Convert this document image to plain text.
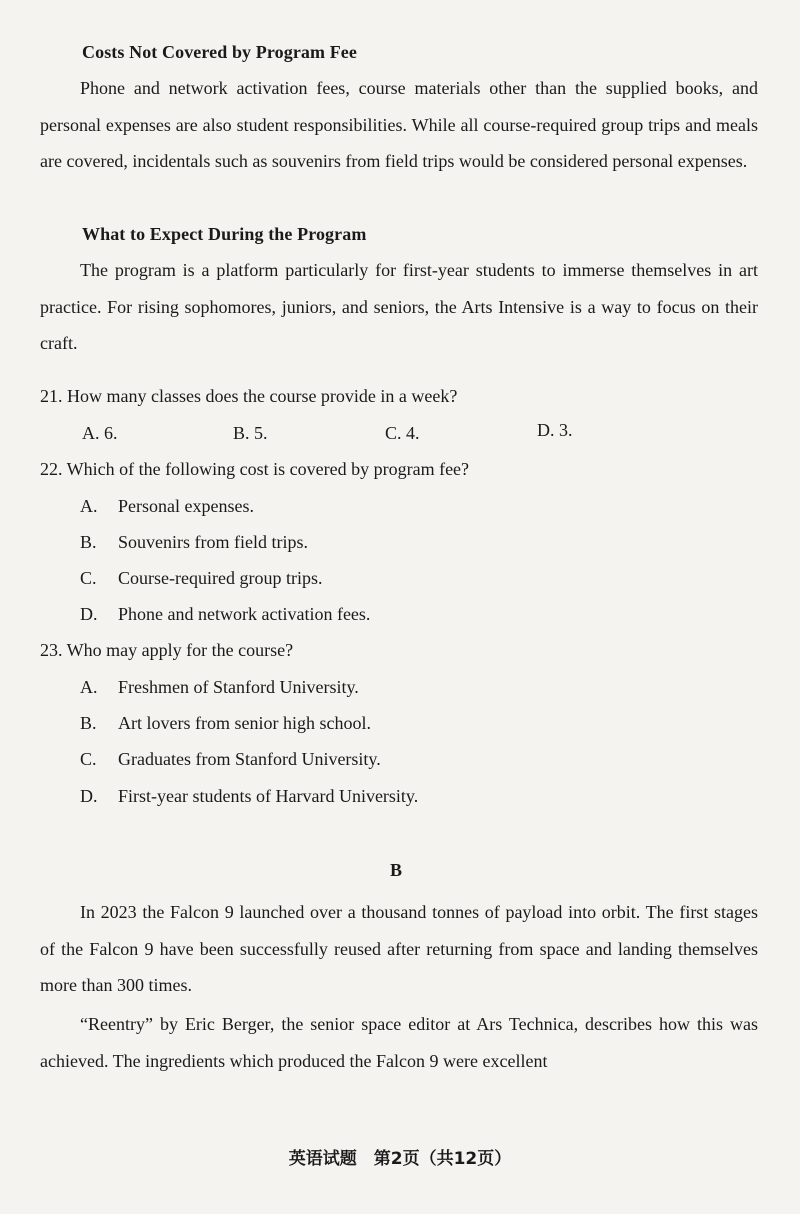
Costs Not Covered by Program Fee
Phone and network activation fees, course materials other than the supplied books, and personal expenses are also student responsibilities. While all course-required group trips and meals are covered, incidentals such as souvenirs from field trips would be considered personal expenses.
What to Expect During the Program
The program is a platform particularly for first-year students to immerse themselves in art practice. For rising sophomores, juniors, and seniors, the Arts Intensive is a way to focus on their craft.
21. How many classes does the course provide in a week?
A. 6.	B. 5.	C. 4.	D. 3.
22. Which of the following cost is covered by program fee?
A. Personal expenses.
B. Souvenirs from field trips.
C. Course-required group trips.
D. Phone and network activation fees.
23. Who may apply for the course?
A. Freshmen of Stanford University.
B. Art lovers from senior high school.
C. Graduates from Stanford University.
D. First-year students of Harvard University.
B
In 2023 the Falcon 9 launched over a thousand tonnes of payload into orbit. The first stages of the Falcon 9 have been successfully reused after returning from space and landing themselves more than 300 times.
“Reentry” by Eric Berger, the senior space editor at Ars Technica, describes how this was achieved. The ingredients which produced the Falcon 9 were excellent
英语试题　第2页（共12页）
